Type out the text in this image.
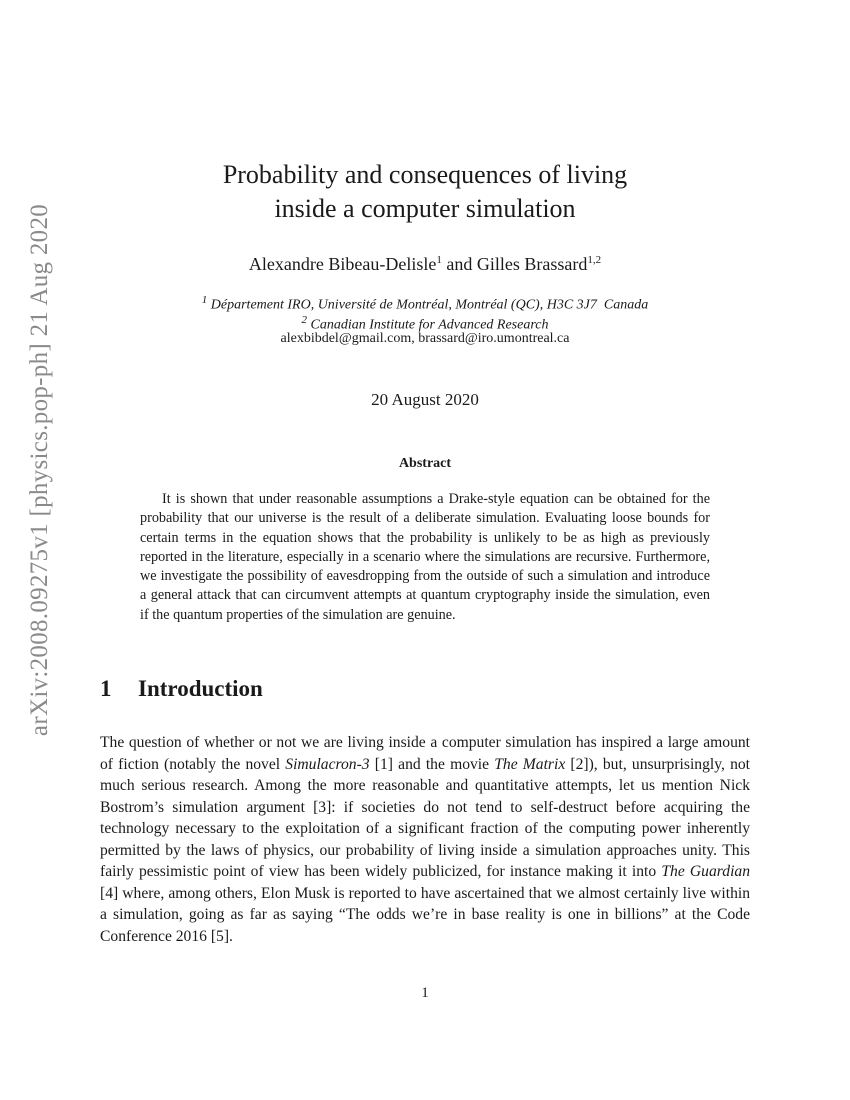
arXiv:2008.09275v1 [physics.pop-ph] 21 Aug 2020
Probability and consequences of living
inside a computer simulation
Alexandre Bibeau-Delisle$^1$ and Gilles Brassard$^{1,2}$
$^1$ Département IRO, Université de Montréal, Montréal (QC), H3C 3J7  Canada
$^2$ Canadian Institute for Advanced Research
alexbibdel@gmail.com, brassard@iro.umontreal.ca
20 August 2020
Abstract
It is shown that under reasonable assumptions a Drake-style equation can be obtained for the probability that our universe is the result of a deliberate simulation. Evaluating loose bounds for certain terms in the equation shows that the probability is unlikely to be as high as previously reported in the literature, especially in a scenario where the simulations are recursive. Furthermore, we investigate the possibility of eavesdropping from the outside of such a simulation and introduce a general attack that can circumvent attempts at quantum cryptography inside the simulation, even if the quantum properties of the simulation are genuine.
1 Introduction
The question of whether or not we are living inside a computer simulation has inspired a large amount of fiction (notably the novel Simulacron-3 [1] and the movie The Matrix [2]), but, unsurprisingly, not much serious research. Among the more reasonable and quantitative attempts, let us mention Nick Bostrom’s simulation argument [3]: if societies do not tend to self-destruct before acquiring the technology necessary to the exploitation of a significant fraction of the computing power inherently permitted by the laws of physics, our probability of living inside a simulation approaches unity. This fairly pessimistic point of view has been widely publicized, for instance making it into The Guardian [4] where, among others, Elon Musk is reported to have ascertained that we almost certainly live within a simulation, going as far as saying “The odds we’re in base reality is one in billions” at the Code Conference 2016 [5].
1
